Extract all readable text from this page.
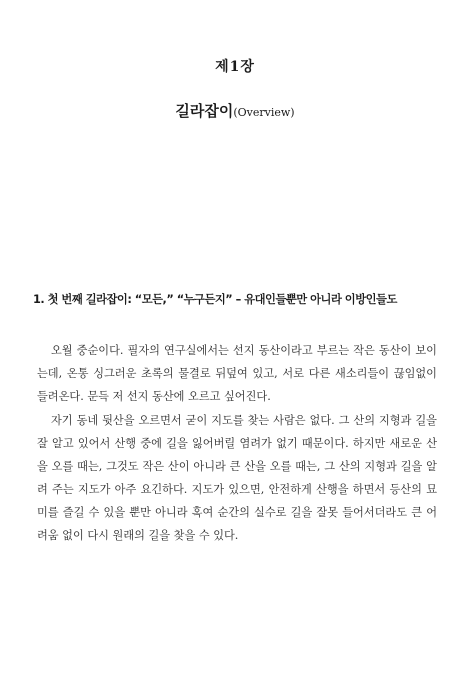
제1장
길라잡이(Overview)
1. 첫 번째 길라잡이: “모든,” “누구든지” – 유대인들뿐만 아니라 이방인들도

오월 중순이다. 필자의 연구실에서는 선지 동산이라고 부르는 작은 동산이 보이는데, 온통 싱그러운 초록의 물결로 뒤덮여 있고, 서로 다른 새소리들이 끊임없이 들려온다. 문득 저 선지 동산에 오르고 싶어진다.

자기 동네 뒷산을 오르면서 굳이 지도를 찾는 사람은 없다. 그 산의 지형과 길을 잘 알고 있어서 산행 중에 길을 잃어버릴 염려가 없기 때문이다. 하지만 새로운 산을 오를 때는, 그것도 작은 산이 아니라 큰 산을 오를 때는, 그 산의 지형과 길을 알려 주는 지도가 아주 요긴하다. 지도가 있으면, 안전하게 산행을 하면서 등산의 묘미를 즐길 수 있을 뿐만 아니라 혹여 순간의 실수로 길을 잘못 들어서더라도 큰 어려움 없이 다시 원래의 길을 찾을 수 있다.
